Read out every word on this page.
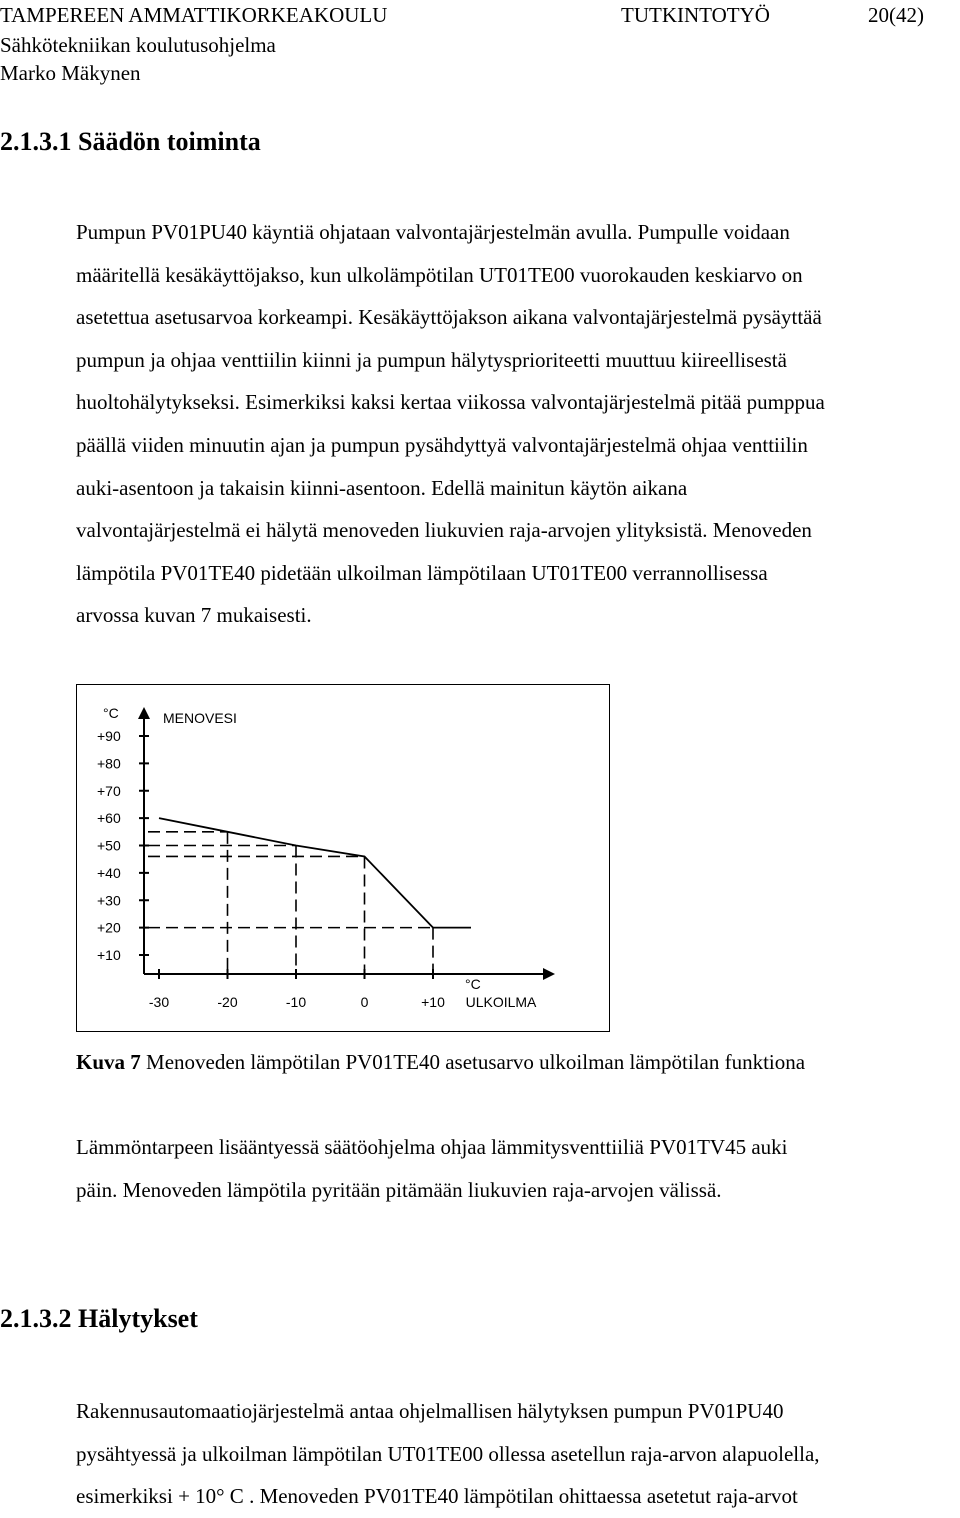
TAMPEREEN AMMATTIKORKEAKOULU
Sähkötekniikan koulutusohjelma
Marko Mäkynen
TUTKINTOTYÖ	20(42)
2.1.3.1 Säädön toiminta
Pumpun PV01PU40 käyntiä ohjataan valvontajärjestelmän avulla. Pumpulle voidaan
määritellä kesäkäyttöjakso, kun ulkolämpötilan UT01TE00 vuorokauden keskiarvo on
asetettua asetusarvoa korkeampi. Kesäkäyttöjakson aikana valvontajärjestelmä pysäyttää
pumpun ja ohjaa venttiilin kiinni ja pumpun hälytysprioriteetti muuttuu kiireellisestä
huoltohälytykseksi. Esimerkiksi kaksi kertaa viikossa valvontajärjestelmä pitää pumppua
päällä viiden minuutin ajan ja pumpun pysähdyttyä valvontajärjestelmä ohjaa venttiilin
auki-asentoon ja takaisin kiinni-asentoon. Edellä mainitun käytön aikana
valvontajärjestelmä ei hälytä menoveden liukuvien raja-arvojen ylityksistä. Menoveden
lämpötila PV01TE40 pidetään ulkoilman lämpötilaan UT01TE00 verrannollisessa
arvossa kuvan 7 mukaisesti.
+90
+80
+70
+60
+50
+40
+30
+20
+10
-30	-20	-10	0	+10
°C	MENOVESI
°C
ULKOILMA
Kuva 7 Menoveden lämpötilan PV01TE40 asetusarvo ulkoilman lämpötilan funktiona
Lämmöntarpeen lisääntyessä säätöohjelma ohjaa lämmitysventtiiliä PV01TV45 auki
päin. Menoveden lämpötila pyritään pitämään liukuvien raja-arvojen välissä.
2.1.3.2 Hälytykset
Rakennusautomaatiojärjestelmä antaa ohjelmallisen hälytyksen pumpun PV01PU40
pysähtyessä ja ulkoilman lämpötilan UT01TE00 ollessa asetellun raja-arvon alapuolella,
esimerkiksi + 10° C . Menoveden PV01TE40 lämpötilan ohittaessa asetetut raja-arvot
